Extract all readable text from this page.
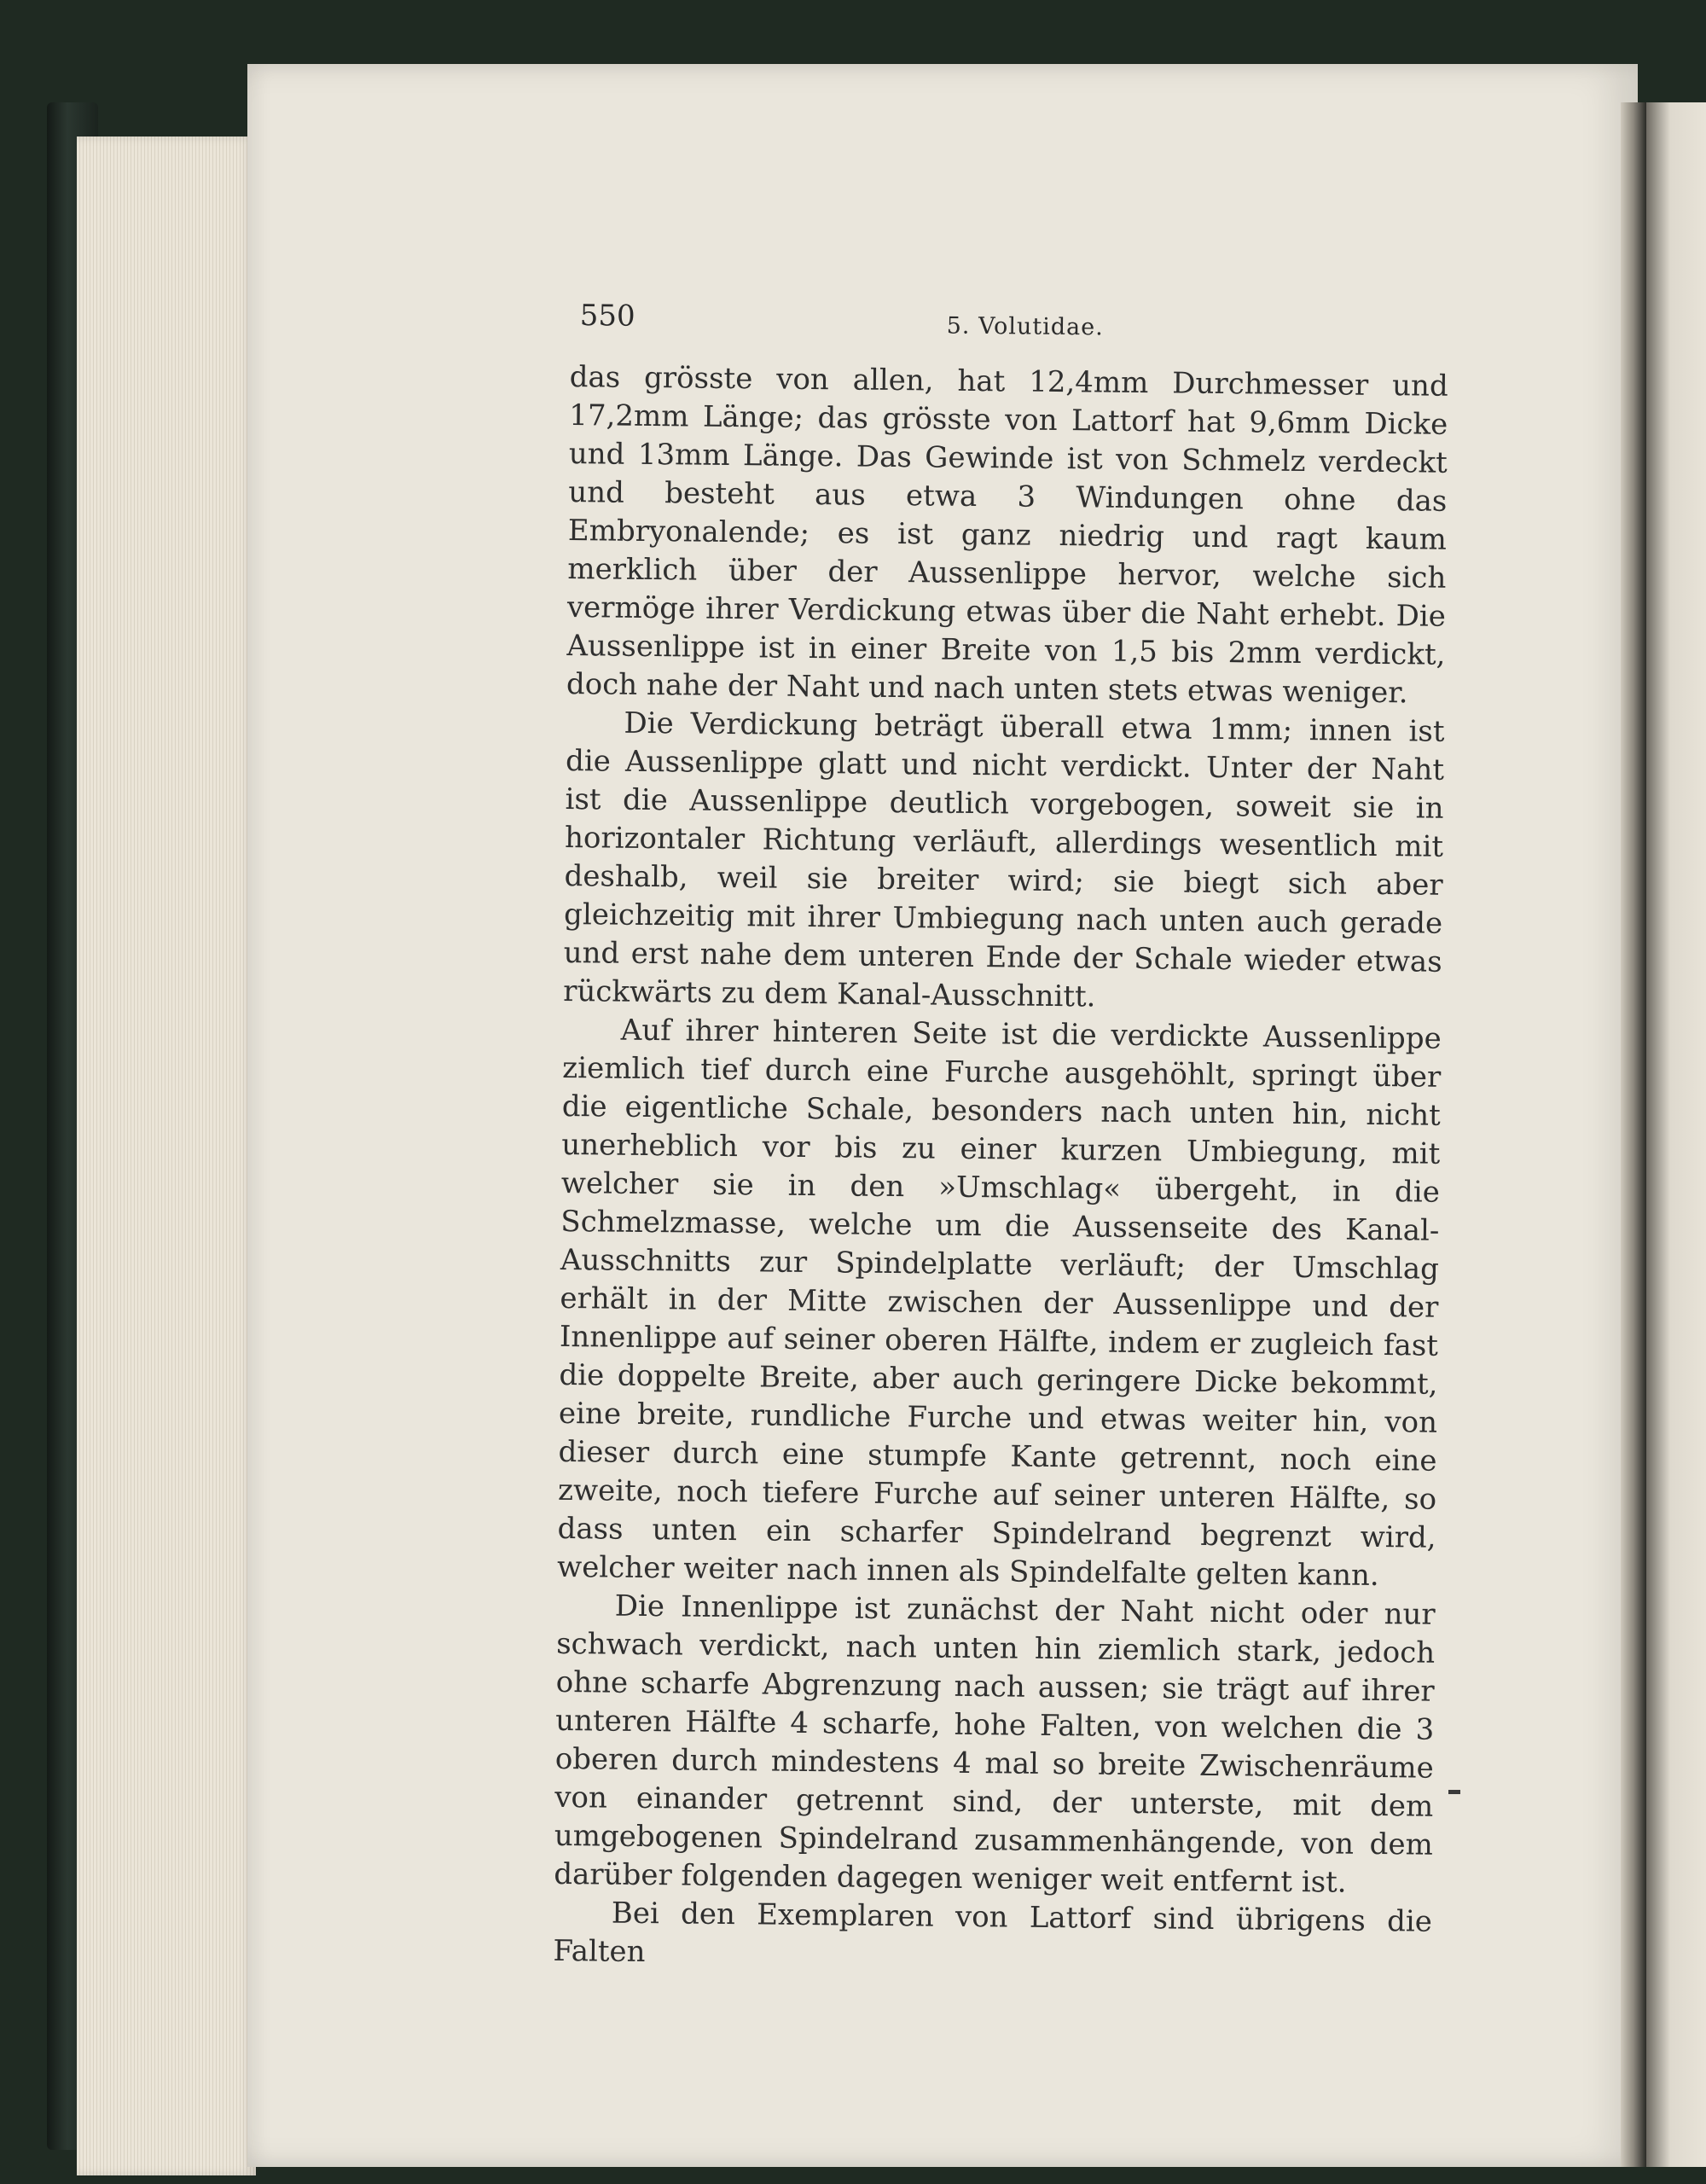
550	5. Volutidae.

das grösste von allen, hat 12,4mm Durchmesser und 17,2mm Länge; das grösste von Lattorf hat 9,6mm Dicke und 13mm Länge. Das Gewinde ist von Schmelz verdeckt und besteht aus etwa 3 Windungen ohne das Embryonalende; es ist ganz niedrig und ragt kaum merklich über der Aussenlippe hervor, welche sich vermöge ihrer Verdickung etwas über die Naht erhebt. Die Aussenlippe ist in einer Breite von 1,5 bis 2mm verdickt, doch nahe der Naht und nach unten stets etwas weniger.

Die Verdickung beträgt überall etwa 1mm; innen ist die Aussenlippe glatt und nicht verdickt. Unter der Naht ist die Aussenlippe deutlich vorgebogen, soweit sie in horizontaler Richtung verläuft, allerdings wesentlich mit deshalb, weil sie breiter wird; sie biegt sich aber gleichzeitig mit ihrer Umbiegung nach unten auch gerade und erst nahe dem unteren Ende der Schale wieder etwas rückwärts zu dem Kanal-Ausschnitt.

Auf ihrer hinteren Seite ist die verdickte Aussenlippe ziemlich tief durch eine Furche ausgehöhlt, springt über die eigentliche Schale, besonders nach unten hin, nicht unerheblich vor bis zu einer kurzen Umbiegung, mit welcher sie in den »Umschlag« übergeht, in die Schmelzmasse, welche um die Aussenseite des Kanal-Ausschnitts zur Spindelplatte verläuft; der Umschlag erhält in der Mitte zwischen der Aussenlippe und der Innenlippe auf seiner oberen Hälfte, indem er zugleich fast die doppelte Breite, aber auch geringere Dicke bekommt, eine breite, rundliche Furche und etwas weiter hin, von dieser durch eine stumpfe Kante getrennt, noch eine zweite, noch tiefere Furche auf seiner unteren Hälfte, so dass unten ein scharfer Spindelrand begrenzt wird, welcher weiter nach innen als Spindelfalte gelten kann.

Die Innenlippe ist zunächst der Naht nicht oder nur schwach verdickt, nach unten hin ziemlich stark, jedoch ohne scharfe Abgrenzung nach aussen; sie trägt auf ihrer unteren Hälfte 4 scharfe, hohe Falten, von welchen die 3 oberen durch mindestens 4 mal so breite Zwischenräume von einander getrennt sind, der unterste, mit dem umgebogenen Spindelrand zusammenhängende, von dem darüber folgenden dagegen weniger weit entfernt ist.

Bei den Exemplaren von Lattorf sind übrigens die Falten
